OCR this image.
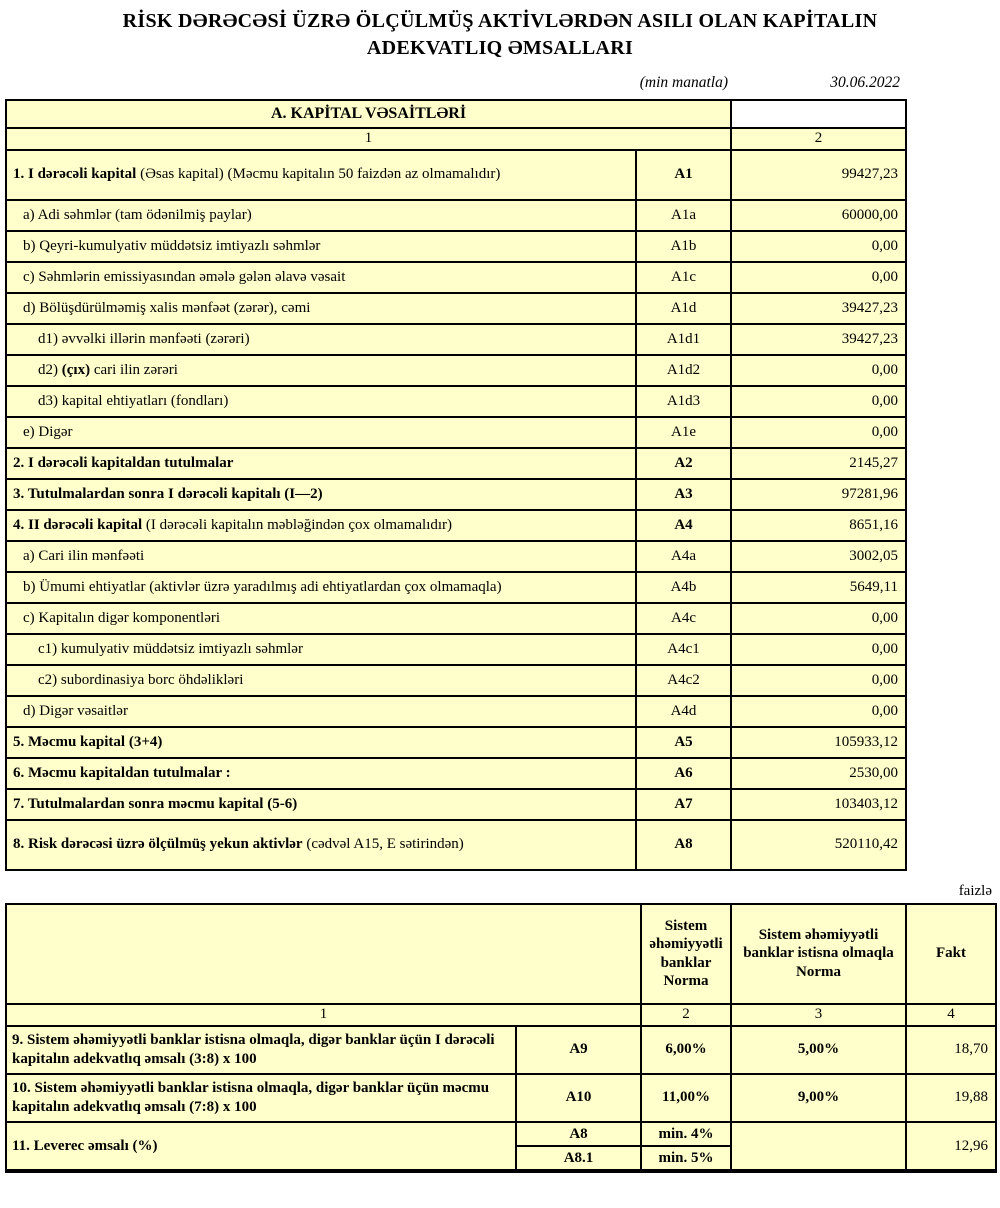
RİSK DƏRƏCƏSİ ÜZRƏ ÖLÇÜLMÜŞ AKTİVLƏRDƏN ASILI OLAN KAPİTALIN
ADEKVATLIQ ƏMSALLARI
(min manatla)	30.06.2022
A. KAPİTAL VƏSAİTLƏRİ		
1		2
1. I dərəcəli kapital (Əsas kapital) (Məcmu kapitalın 50 faizdən az olmamalıdır)	A1	99427,23
a) Adi səhmlər (tam ödənilmiş paylar)	A1a	60000,00
b) Qeyri-kumulyativ müddətsiz imtiyazlı səhmlər	A1b	0,00
c) Səhmlərin emissiyasından əmələ gələn əlavə vəsait	A1c	0,00
d) Bölüşdürülməmiş xalis mənfəət (zərər), cəmi	A1d	39427,23
d1) əvvəlki illərin mənfəəti (zərəri)	A1d1	39427,23
d2) (çıx) cari ilin zərəri	A1d2	0,00
d3) kapital ehtiyatları (fondları)	A1d3	0,00
e) Digər	A1e	0,00
2. I dərəcəli kapitaldan tutulmalar	A2	2145,27
3. Tutulmalardan sonra I dərəcəli kapitalı (I—2)	A3	97281,96
4. II dərəcəli kapital (I dərəcəli kapitalın məbləğindən çox olmamalıdır)	A4	8651,16
a) Cari ilin mənfəəti	A4a	3002,05
b) Ümumi ehtiyatlar (aktivlər üzrə yaradılmış adi ehtiyatlardan çox olmamaqla)	A4b	5649,11
c) Kapitalın digər komponentləri	A4c	0,00
c1) kumulyativ müddətsiz imtiyazlı səhmlər	A4c1	0,00
c2) subordinasiya borc öhdəlikləri	A4c2	0,00
d) Digər vəsaitlər	A4d	0,00
5. Məcmu kapital (3+4)	A5	105933,12
6. Məcmu kapitaldan tutulmalar :	A6	2530,00
7. Tutulmalardan sonra məcmu kapital (5-6)	A7	103403,12
8. Risk dərəcəsi üzrə ölçülmüş yekun aktivlər (cədvəl A15, E sətirindən)	A8	520110,42
faizlə
		Sistem əhəmiyyətli banklar Norma	Sistem əhəmiyyətli banklar istisna olmaqla Norma	Fakt
1		2	3	4
9. Sistem əhəmiyyətli banklar istisna olmaqla, digər banklar üçün I dərəcəli kapitalın adekvatlıq əmsalı (3:8) x 100	A9	6,00%	5,00%	18,70
10. Sistem əhəmiyyətli banklar istisna olmaqla, digər banklar üçün məcmu kapitalın adekvatlıq əmsalı (7:8) x 100	A10	11,00%	9,00%	19,88
11. Leverec əmsalı (%)	A8	min. 4%		12,96
	A8.1	min. 5%		
